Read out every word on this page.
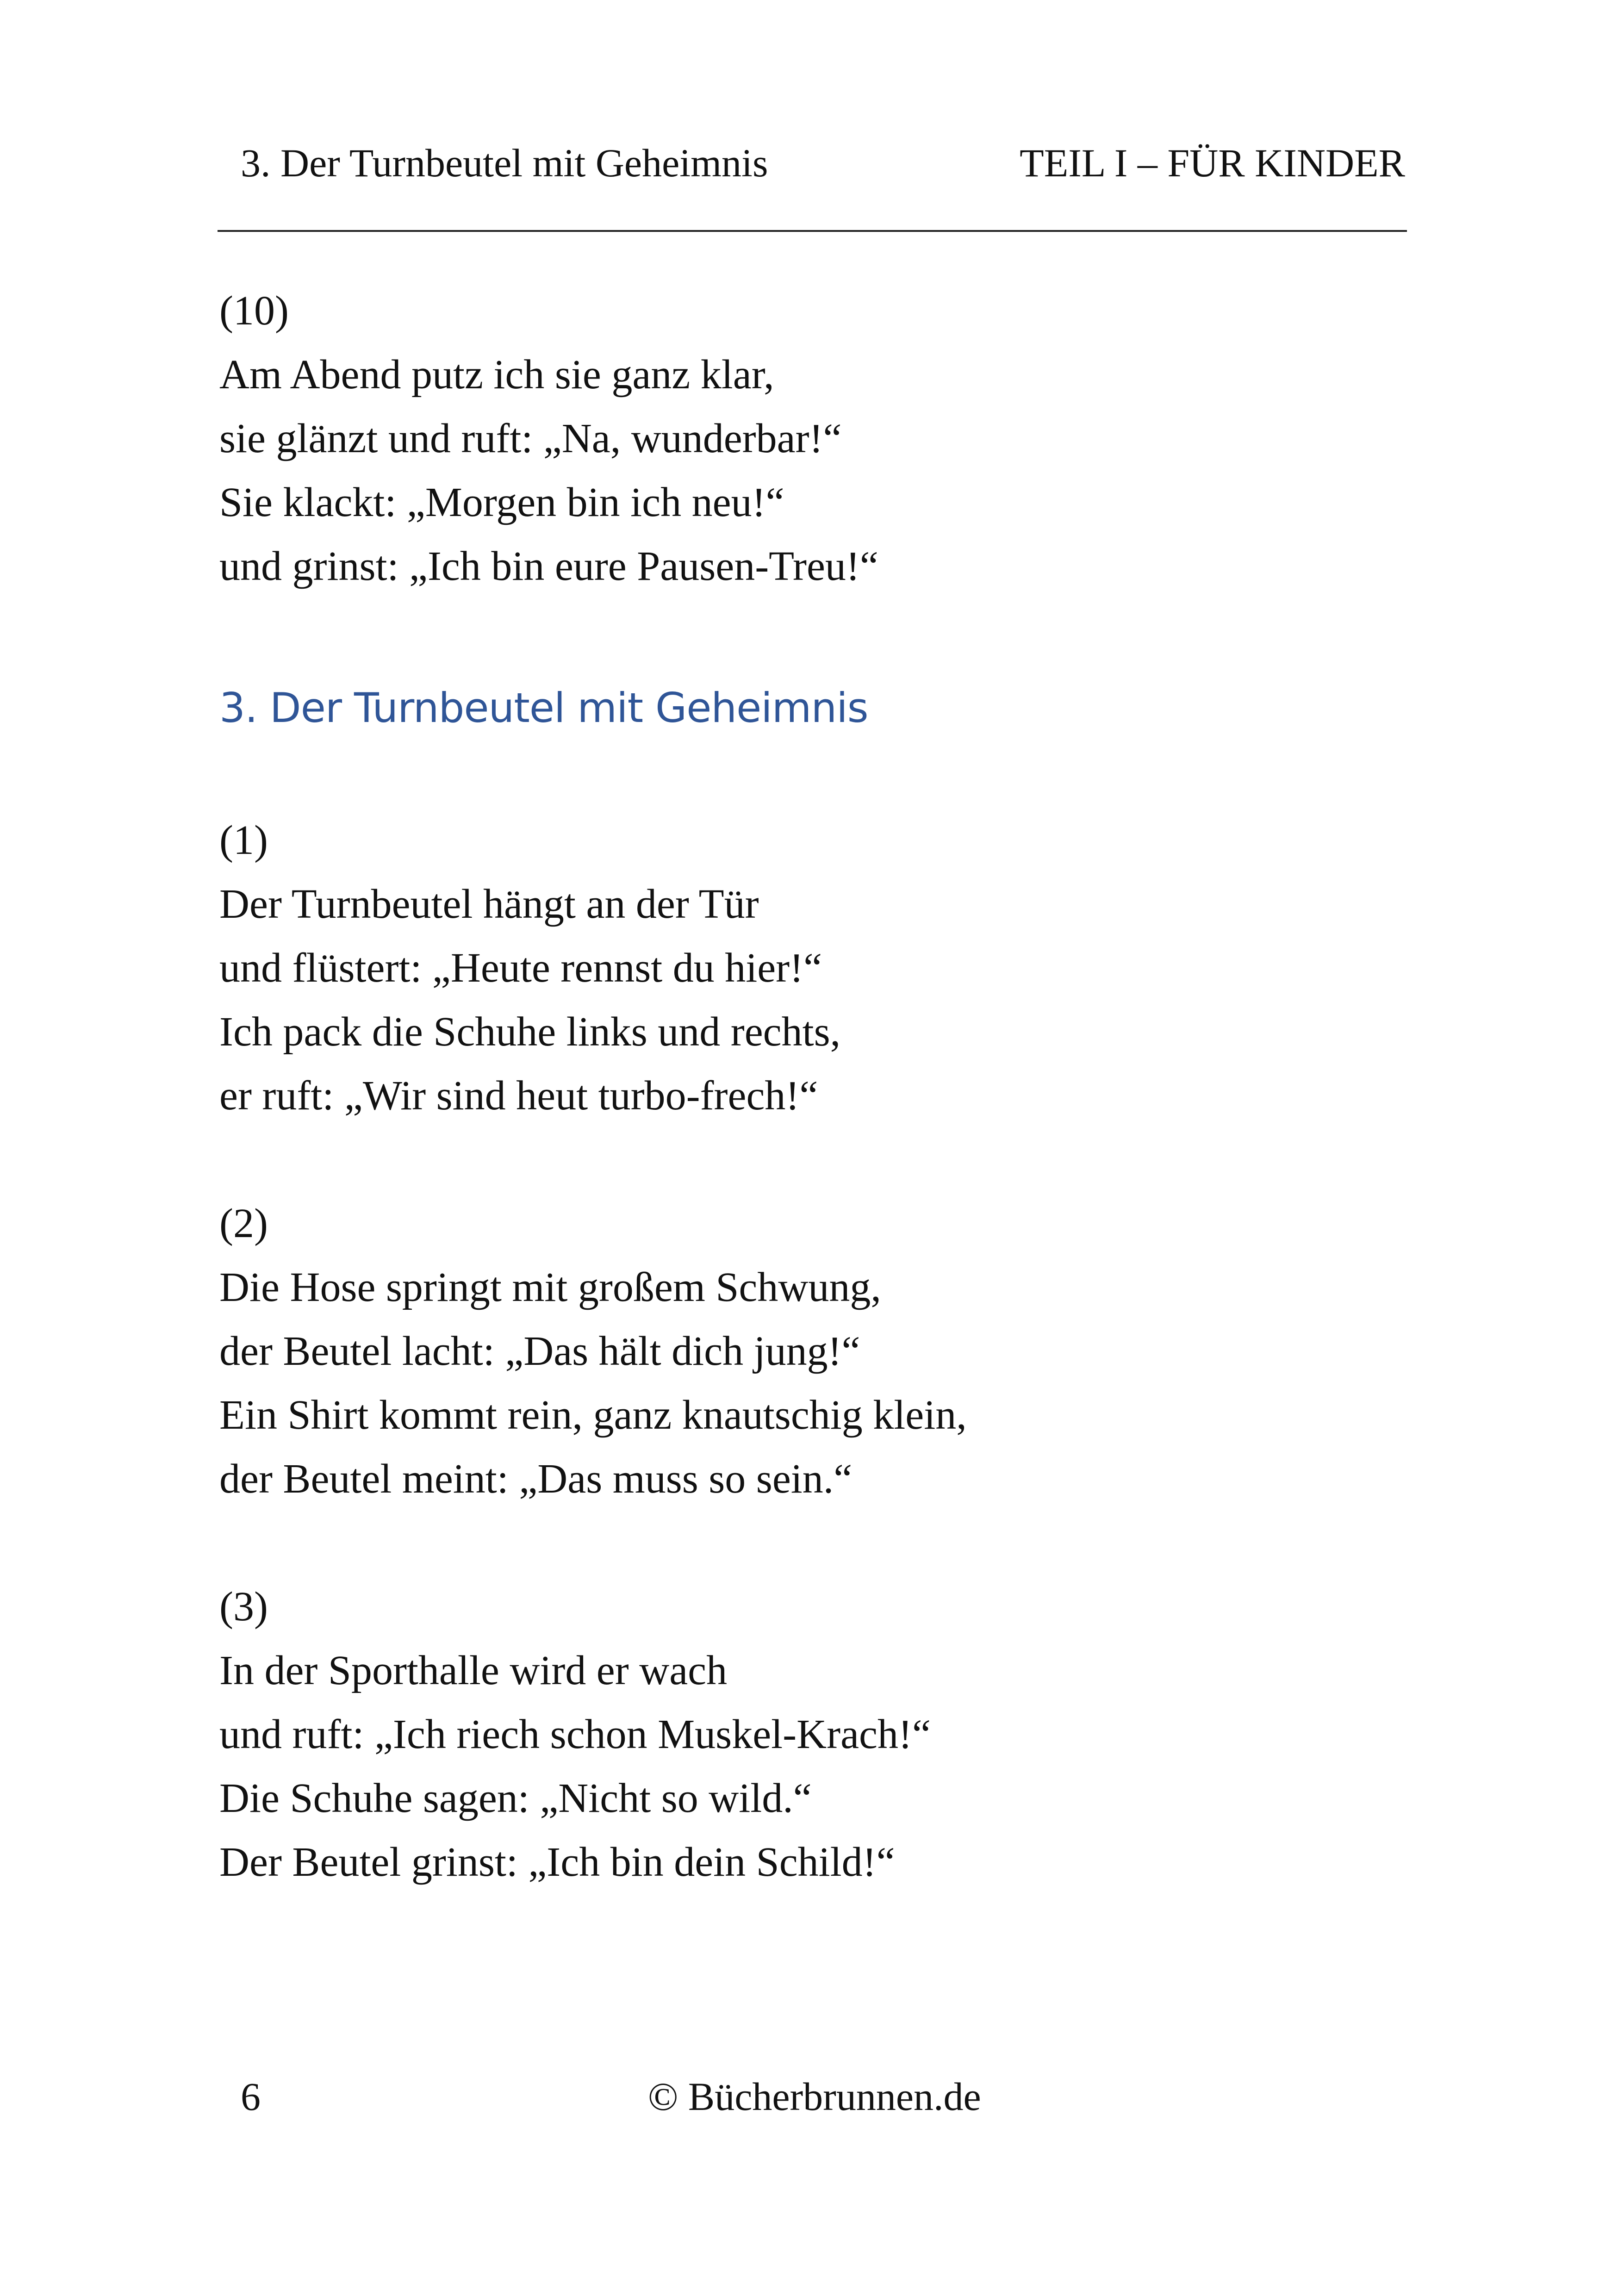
3. Der Turnbeutel mit Geheimnis	TEIL I – FÜR KINDER
(10)
Am Abend putz ich sie ganz klar,
sie glänzt und ruft: „Na, wunderbar!“
Sie klackt: „Morgen bin ich neu!“
und grinst: „Ich bin eure Pausen-Treu!“
3. Der Turnbeutel mit Geheimnis
(1)
Der Turnbeutel hängt an der Tür
und flüstert: „Heute rennst du hier!“
Ich pack die Schuhe links und rechts,
er ruft: „Wir sind heut turbo-frech!“
(2)
Die Hose springt mit großem Schwung,
der Beutel lacht: „Das hält dich jung!“
Ein Shirt kommt rein, ganz knautschig klein,
der Beutel meint: „Das muss so sein.“
(3)
In der Sporthalle wird er wach
und ruft: „Ich riech schon Muskel-Krach!“
Die Schuhe sagen: „Nicht so wild.“
Der Beutel grinst: „Ich bin dein Schild!“
6	© Bücherbrunnen.de
